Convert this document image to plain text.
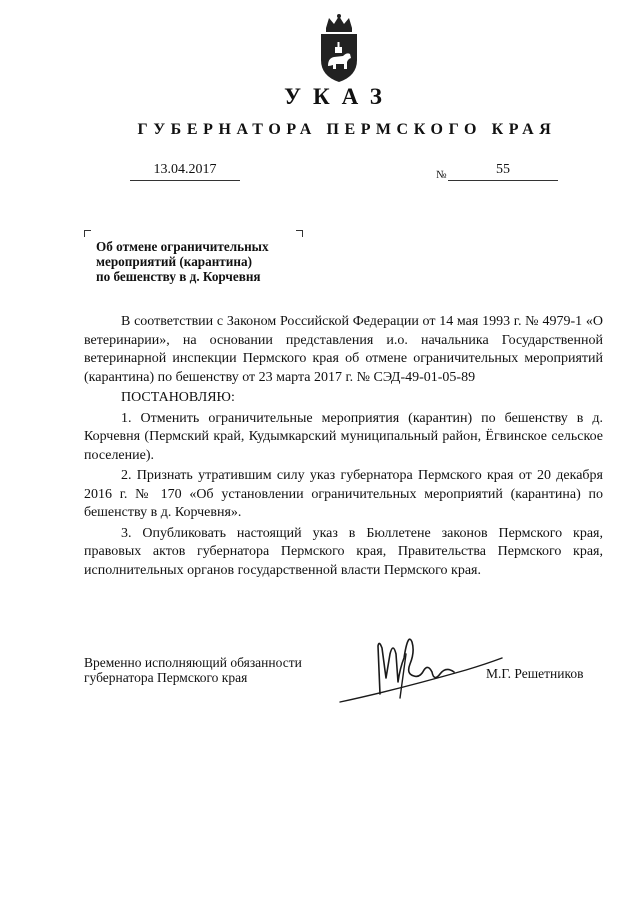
УКАЗ
ГУБЕРНАТОРА ПЕРМСКОГО КРАЯ
13.04.2017	№	55
Об отмене ограничительных
мероприятий (карантина)
по бешенству в д. Корчевня

В соответствии с Законом Российской Федерации от 14 мая 1993 г. № 4979-1 «О ветеринарии», на основании представления и.о. начальника Государственной ветеринарной инспекции Пермского края об отмене ограничительных мероприятий (карантина) по бешенству от 23 марта 2017 г. № СЭД-49-01-05-89

ПОСТАНОВЛЯЮ:

1. Отменить ограничительные мероприятия (карантин) по бешенству в д. Корчевня (Пермский край, Кудымкарский муниципальный район, Ёгвинское сельское поселение).

2. Признать утратившим силу указ губернатора Пермского края от 20 декабря 2016 г. № 170 «Об установлении ограничительных мероприятий (карантина) по бешенству в д. Корчевня».

3. Опубликовать настоящий указ в Бюллетене законов Пермского края, правовых актов губернатора Пермского края, Правительства Пермского края, исполнительных органов государственной власти Пермского края.

Временно исполняющий обязанности
губернатора Пермского края	М.Г. Решетников
